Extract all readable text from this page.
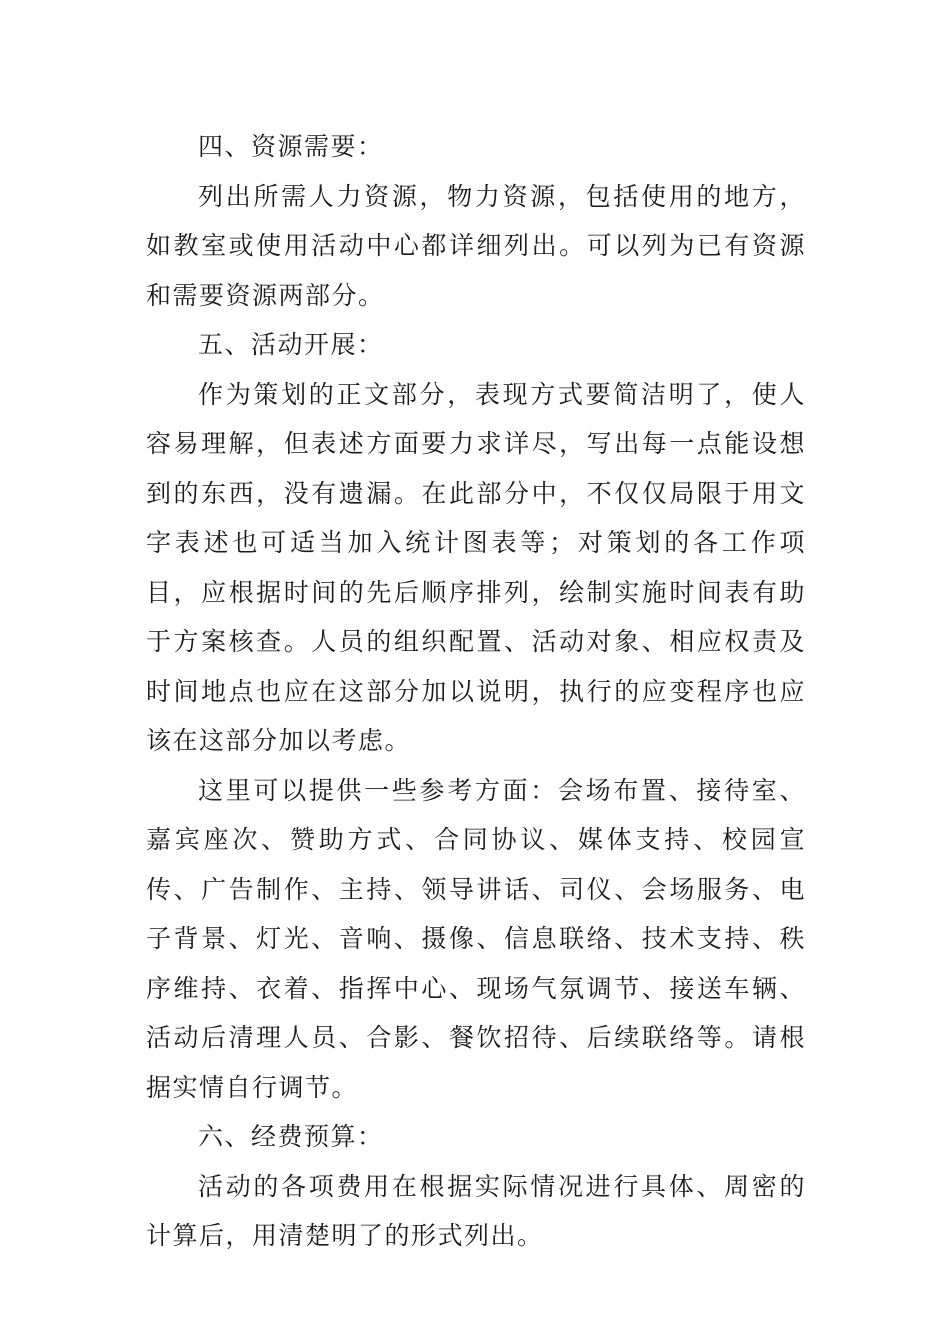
四、资源需要：

列出所需人力资源，物力资源，包括使用的地方，如教室或使用活动中心都详细列出。可以列为已有资源和需要资源两部分。

五、活动开展：

作为策划的正文部分，表现方式要简洁明了，使人容易理解，但表述方面要力求详尽，写出每一点能设想到的东西，没有遗漏。在此部分中，不仅仅局限于用文字表述也可适当加入统计图表等；对策划的各工作项目，应根据时间的先后顺序排列，绘制实施时间表有助于方案核查。人员的组织配置、活动对象、相应权责及时间地点也应在这部分加以说明，执行的应变程序也应该在这部分加以考虑。

这里可以提供一些参考方面：会场布置、接待室、嘉宾座次、赞助方式、合同协议、媒体支持、校园宣传、广告制作、主持、领导讲话、司仪、会场服务、电子背景、灯光、音响、摄像、信息联络、技术支持、秩序维持、衣着、指挥中心、现场气氛调节、接送车辆、活动后清理人员、合影、餐饮招待、后续联络等。请根据实情自行调节。

六、经费预算：

活动的各项费用在根据实际情况进行具体、周密的计算后，用清楚明了的形式列出。
